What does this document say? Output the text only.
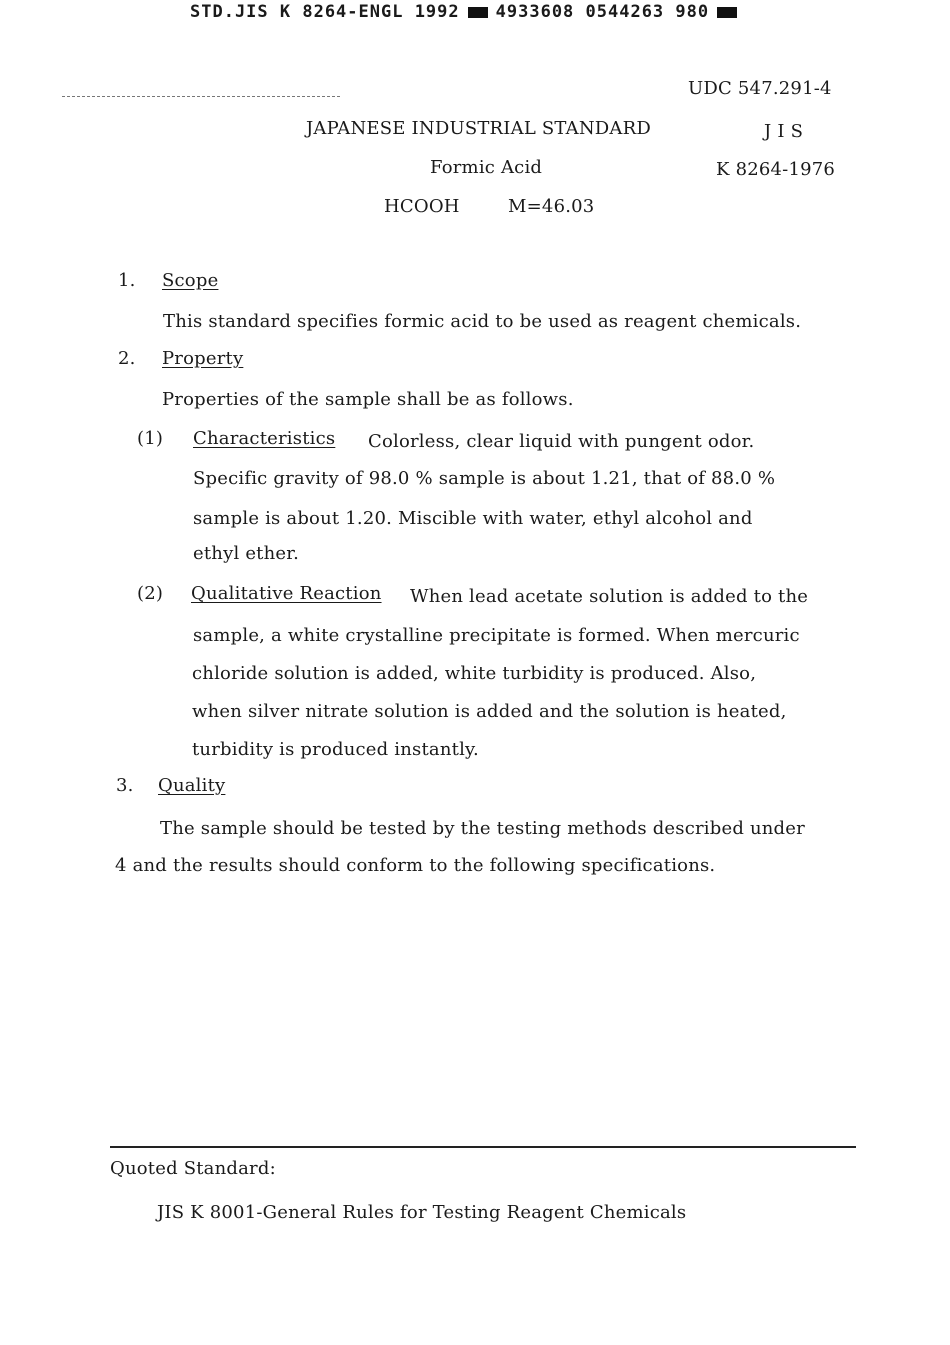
STD.JIS K 8264-ENGL 1992 4933608 0544263 980
UDC 547.291-4
JAPANESE INDUSTRIAL STANDARD	J I S
Formic Acid	K 8264-1976
HCOOH	M=46.03
1. Scope
This standard specifies formic acid to be used as reagent chemicals.
2. Property
Properties of the sample shall be as follows.
(1) Characteristics Colorless, clear liquid with pungent odor.
Specific gravity of 98.0 % sample is about 1.21, that of 88.0 %
sample is about 1.20. Miscible with water, ethyl alcohol and
ethyl ether.
(2) Qualitative Reaction When lead acetate solution is added to the
sample, a white crystalline precipitate is formed. When mercuric
chloride solution is added, white turbidity is produced. Also,
when silver nitrate solution is added and the solution is heated,
turbidity is produced instantly.
3. Quality
The sample should be tested by the testing methods described under
4 and the results should conform to the following specifications.
Quoted Standard:
JIS K 8001-General Rules for Testing Reagent Chemicals
